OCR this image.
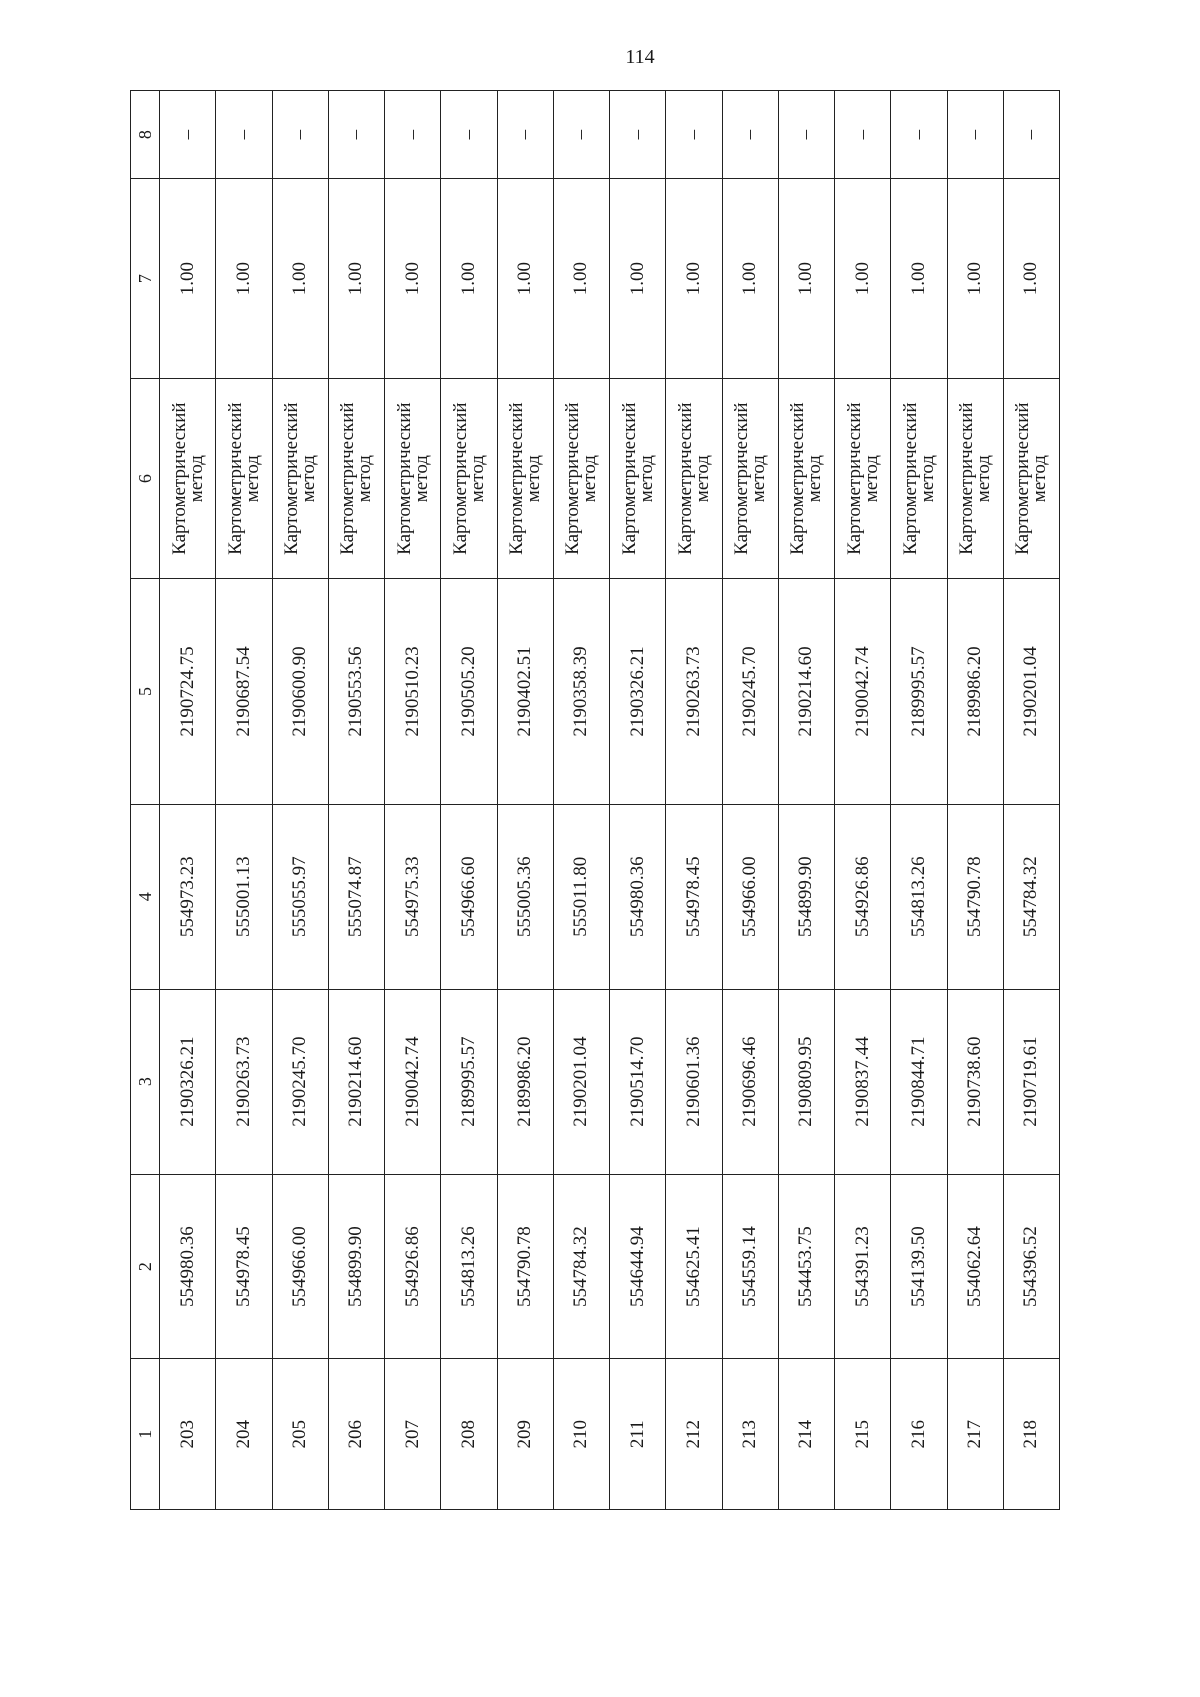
114
1	2	3	4	5	6	7	8
203	554980.36	2190326.21	554973.23	2190724.75	Картометрический
метод	1.00	–
204	554978.45	2190263.73	555001.13	2190687.54	Картометрический
метод	1.00	–
205	554966.00	2190245.70	555055.97	2190600.90	Картометрический
метод	1.00	–
206	554899.90	2190214.60	555074.87	2190553.56	Картометрический
метод	1.00	–
207	554926.86	2190042.74	554975.33	2190510.23	Картометрический
метод	1.00	–
208	554813.26	2189995.57	554966.60	2190505.20	Картометрический
метод	1.00	–
209	554790.78	2189986.20	555005.36	2190402.51	Картометрический
метод	1.00	–
210	554784.32	2190201.04	555011.80	2190358.39	Картометрический
метод	1.00	–
211	554644.94	2190514.70	554980.36	2190326.21	Картометрический
метод	1.00	–
212	554625.41	2190601.36	554978.45	2190263.73	Картометрический
метод	1.00	–
213	554559.14	2190696.46	554966.00	2190245.70	Картометрический
метод	1.00	–
214	554453.75	2190809.95	554899.90	2190214.60	Картометрический
метод	1.00	–
215	554391.23	2190837.44	554926.86	2190042.74	Картометрический
метод	1.00	–
216	554139.50	2190844.71	554813.26	2189995.57	Картометрический
метод	1.00	–
217	554062.64	2190738.60	554790.78	2189986.20	Картометрический
метод	1.00	–
218	554396.52	2190719.61	554784.32	2190201.04	Картометрический
метод	1.00	–
